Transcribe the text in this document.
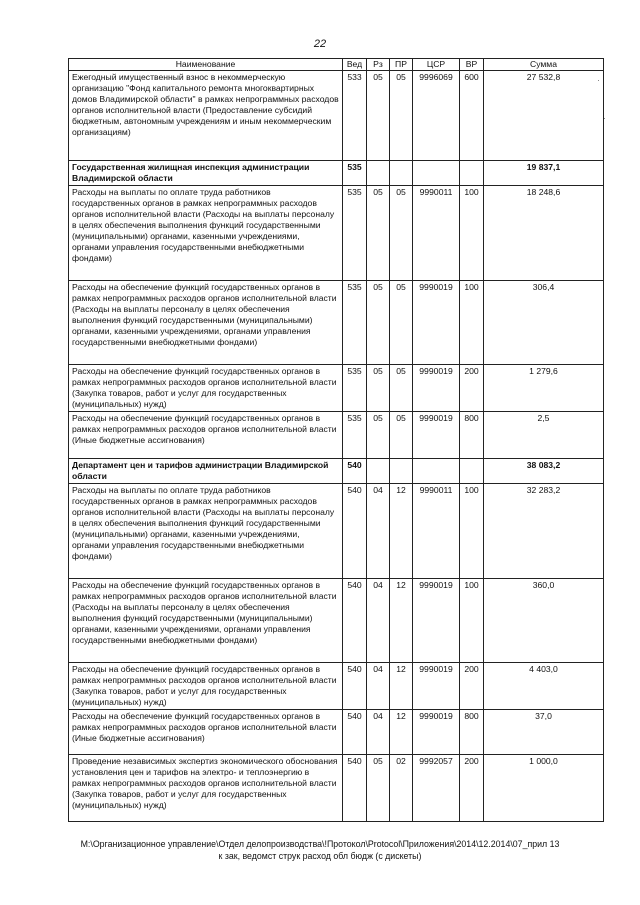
22
Наименование	Вед	Рз	ПР	ЦСР	ВР	Сумма
Ежегодный имущественный взнос в некоммерческую организацию "Фонд капитального ремонта многоквартирных домов Владимирской области" в рамках непрограммных расходов органов исполнительной власти (Предоставление субсидий бюджетным, автономным учреждениям и иным некоммерческим организациям)	533	05	05	9996069	600	27 532,8
Государственная жилищная инспекция администрации Владимирской области	535					19 837,1
Расходы на выплаты по оплате труда работников государственных органов в рамках непрограммных расходов органов исполнительной власти (Расходы на выплаты персоналу в целях обеспечения выполнения функций государственными (муниципальными) органами, казенными учреждениями, органами управления государственными внебюджетными фондами)	535	05	05	9990011	100	18 248,6
Расходы на обеспечение функций государственных органов в рамках непрограммных расходов органов исполнительной власти (Расходы на выплаты персоналу в целях обеспечения выполнения функций государственными (муниципальными) органами, казенными учреждениями, органами управления государственными внебюджетными фондами)	535	05	05	9990019	100	306,4
Расходы на обеспечение функций государственных органов в рамках непрограммных расходов органов исполнительной власти (Закупка товаров, работ и услуг для государственных (муниципальных) нужд)	535	05	05	9990019	200	1 279,6
Расходы на обеспечение функций государственных органов в рамках непрограммных расходов органов исполнительной власти (Иные бюджетные ассигнования)	535	05	05	9990019	800	2,5
Департамент цен и тарифов администрации Владимирской области	540					38 083,2
Расходы на выплаты по оплате труда работников государственных органов в рамках непрограммных расходов органов исполнительной власти (Расходы на выплаты персоналу в целях обеспечения выполнения функций государственными (муниципальными) органами, казенными учреждениями, органами управления государственными внебюджетными фондами)	540	04	12	9990011	100	32 283,2
Расходы на обеспечение функций государственных органов в рамках непрограммных расходов органов исполнительной власти (Расходы на выплаты персоналу в целях обеспечения выполнения функций государственными (муниципальными) органами, казенными учреждениями, органами управления государственными внебюджетными фондами)	540	04	12	9990019	100	360,0
Расходы на обеспечение функций государственных органов в рамках непрограммных расходов органов исполнительной власти (Закупка товаров, работ и услуг для государственных (муниципальных) нужд)	540	04	12	9990019	200	4 403,0
Расходы на обеспечение функций государственных органов в рамках непрограммных расходов органов исполнительной власти (Иные бюджетные ассигнования)	540	04	12	9990019	800	37,0
Проведение независимых экспертиз экономического обоснования установления цен и тарифов на электро- и теплоэнергию в рамках непрограммных расходов органов исполнительной власти (Закупка товаров, работ и услуг для государственных (муниципальных) нужд)	540	05	02	9992057	200	1 000,0
M:\Организационное управление\Отдел делопроизводства\!Протокол\Protocol\Приложения\2014\12.2014\07_прил 13
к зак, ведомст струк расход обл бюдж (с дискеты)
